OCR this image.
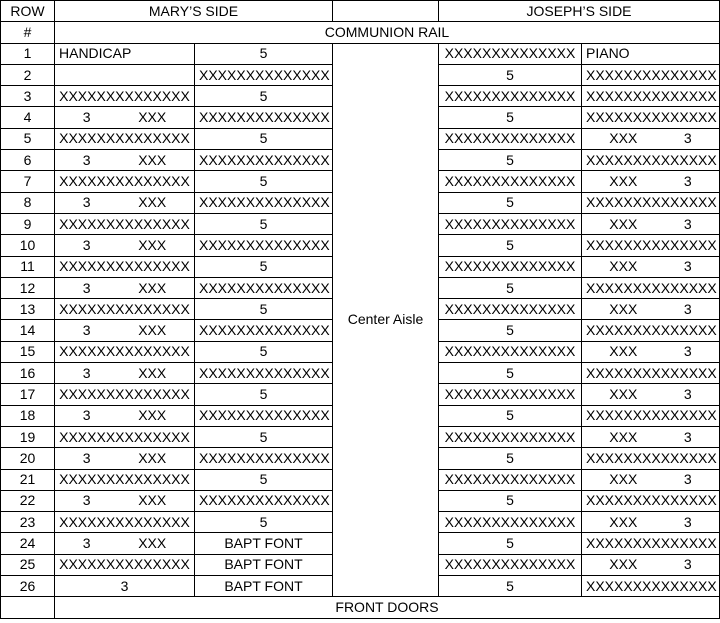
ROW	MARY’S SIDE			JOSEPH’S SIDE	
#	COMMUNION RAIL				
1	HANDICAP	5	Center Aisle	XXXXXXXXXXXXXX	PIANO
2		XXXXXXXXXXXXXX		5	XXXXXXXXXXXXXX
3	XXXXXXXXXXXXXX	5		XXXXXXXXXXXXXX	XXXXXXXXXXXXXX
4	3 XXX	XXXXXXXXXXXXXX		5	XXXXXXXXXXXXXX
5	XXXXXXXXXXXXXX	5		XXXXXXXXXXXXXX	XXX 3

6	3 XXX	XXXXXXXXXXXXXX		5	XXXXXXXXXXXXXX
7	XXXXXXXXXXXXXX	5		XXXXXXXXXXXXXX	XXX 3

8	3 XXX	XXXXXXXXXXXXXX		5	XXXXXXXXXXXXXX
9	XXXXXXXXXXXXXX	5		XXXXXXXXXXXXXX	XXX 3

10	3 XXX	XXXXXXXXXXXXXX		5	XXXXXXXXXXXXXX
11	XXXXXXXXXXXXXX	5		XXXXXXXXXXXXXX	XXX 3

12	3 XXX	XXXXXXXXXXXXXX		5	XXXXXXXXXXXXXX
13	XXXXXXXXXXXXXX	5		XXXXXXXXXXXXXX	XXX 3

14	3 XXX	XXXXXXXXXXXXXX		5	XXXXXXXXXXXXXX
15	XXXXXXXXXXXXXX	5		XXXXXXXXXXXXXX	XXX 3

16	3 XXX	XXXXXXXXXXXXXX		5	XXXXXXXXXXXXXX
17	XXXXXXXXXXXXXX	5		XXXXXXXXXXXXXX	XXX 3

18	3 XXX	XXXXXXXXXXXXXX		5	XXXXXXXXXXXXXX
19	XXXXXXXXXXXXXX	5		XXXXXXXXXXXXXX	XXX 3

20	3 XXX	XXXXXXXXXXXXXX		5	XXXXXXXXXXXXXX
21	XXXXXXXXXXXXXX	5		XXXXXXXXXXXXXX	XXX 3

22	3 XXX	XXXXXXXXXXXXXX		5	XXXXXXXXXXXXXX
23	XXXXXXXXXXXXXX	5		XXXXXXXXXXXXXX	XXX 3

24	3 XXX	BAPT FONT		5	XXXXXXXXXXXXXX
25	XXXXXXXXXXXXXX	BAPT FONT		XXXXXXXXXXXXXX	XXX 3

26	3	BAPT FONT		5	XXXXXXXXXXXXXX
	FRONT DOORS				
